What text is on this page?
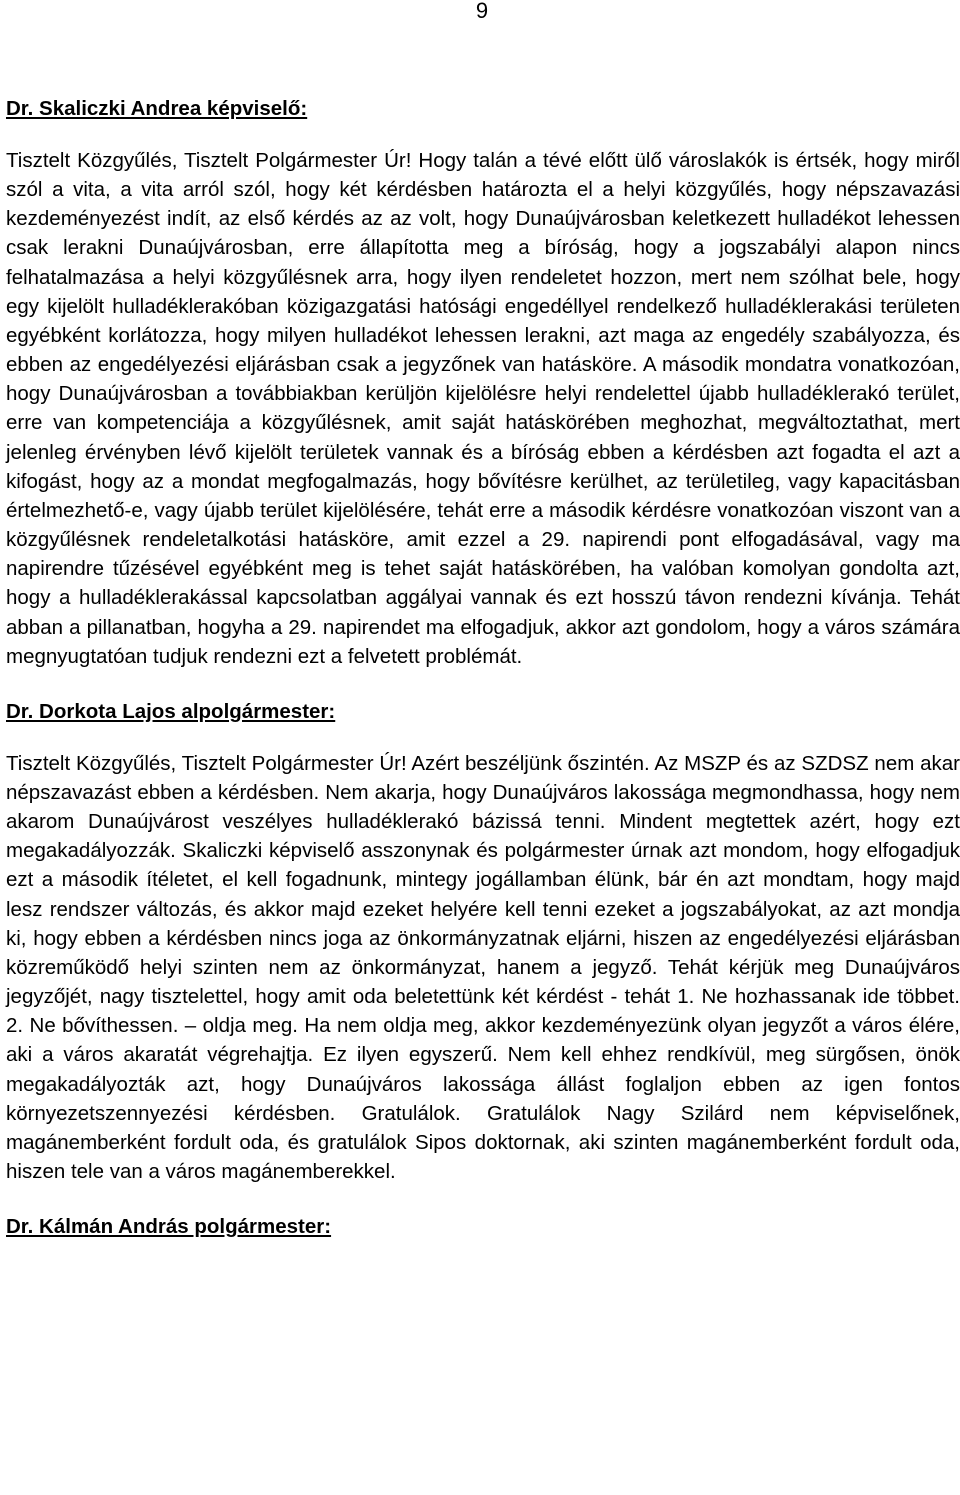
9

Dr. Skaliczki Andrea képviselő:

Tisztelt Közgyűlés, Tisztelt Polgármester Úr! Hogy talán a tévé előtt ülő városlakók is értsék, hogy miről szól a vita, a vita arról szól, hogy két kérdésben határozta el a helyi közgyűlés, hogy népszavazási kezdeményezést indít, az első kérdés az az volt, hogy Dunaújvárosban keletkezett hulladékot lehessen csak lerakni Dunaújvárosban, erre állapította meg a bíróság, hogy a jogszabályi alapon nincs felhatalmazása a helyi közgyűlésnek arra, hogy ilyen rendeletet hozzon, mert nem szólhat bele, hogy egy kijelölt hulladéklerakóban közigazgatási hatósági engedéllyel rendelkező hulladéklerakási területen egyébként korlátozza, hogy milyen hulladékot lehessen lerakni, azt maga az engedély szabályozza, és ebben az engedélyezési eljárásban csak a jegyzőnek van hatásköre. A második mondatra vonatkozóan, hogy Dunaújvárosban a továbbiakban kerüljön kijelölésre helyi rendelettel újabb hulladéklerakó terület, erre van kompetenciája a közgyűlésnek, amit saját hatáskörében meghozhat, megváltoztathat, mert jelenleg érvényben lévő kijelölt területek vannak és a bíróság ebben a kérdésben azt fogadta el azt a kifogást, hogy az a mondat megfogalmazás, hogy bővítésre kerülhet, az területileg, vagy kapacitásban értelmezhető-e, vagy újabb terület kijelölésére, tehát erre a második kérdésre vonatkozóan viszont van a közgyűlésnek rendeletalkotási hatásköre, amit ezzel a 29. napirendi pont elfogadásával, vagy ma napirendre tűzésével egyébként meg is tehet saját hatáskörében, ha valóban komolyan gondolta azt, hogy a hulladéklerakással kapcsolatban aggályai vannak és ezt hosszú távon rendezni kívánja. Tehát abban a pillanatban, hogyha a 29. napirendet ma elfogadjuk, akkor azt gondolom, hogy a város számára megnyugtatóan tudjuk rendezni ezt a felvetett problémát.

Dr. Dorkota Lajos alpolgármester:

Tisztelt Közgyűlés, Tisztelt Polgármester Úr! Azért beszéljünk őszintén. Az MSZP és az SZDSZ nem akar népszavazást ebben a kérdésben. Nem akarja, hogy Dunaújváros lakossága megmondhassa, hogy nem akarom Dunaújvárost veszélyes hulladéklerakó bázissá tenni. Mindent megtettek azért, hogy ezt megakadályozzák. Skaliczki képviselő asszonynak és polgármester úrnak azt mondom, hogy elfogadjuk ezt a második ítéletet, el kell fogadnunk, mintegy jogállamban élünk, bár én azt mondtam, hogy majd lesz rendszer változás, és akkor majd ezeket helyére kell tenni ezeket a jogszabályokat, az azt mondja ki, hogy ebben a kérdésben nincs joga az önkormányzatnak eljárni, hiszen az engedélyezési eljárásban közreműködő helyi szinten nem az önkormányzat, hanem a jegyző. Tehát kérjük meg Dunaújváros jegyzőjét, nagy tisztelettel, hogy amit oda beletettünk két kérdést - tehát 1. Ne hozhassanak ide többet. 2. Ne bővíthessen. – oldja meg. Ha nem oldja meg, akkor kezdeményezünk olyan jegyzőt a város élére, aki a város akaratát végrehajtja. Ez ilyen egyszerű. Nem kell ehhez rendkívül, meg sürgősen, önök megakadályozták azt, hogy Dunaújváros lakossága állást foglaljon ebben az igen fontos környezetszennyezési kérdésben. Gratulálok. Gratulálok Nagy Szilárd nem képviselőnek, magánemberként fordult oda, és gratulálok Sipos doktornak, aki szinten magánemberként fordult oda, hiszen tele van a város magánemberekkel.

Dr. Kálmán András polgármester:
